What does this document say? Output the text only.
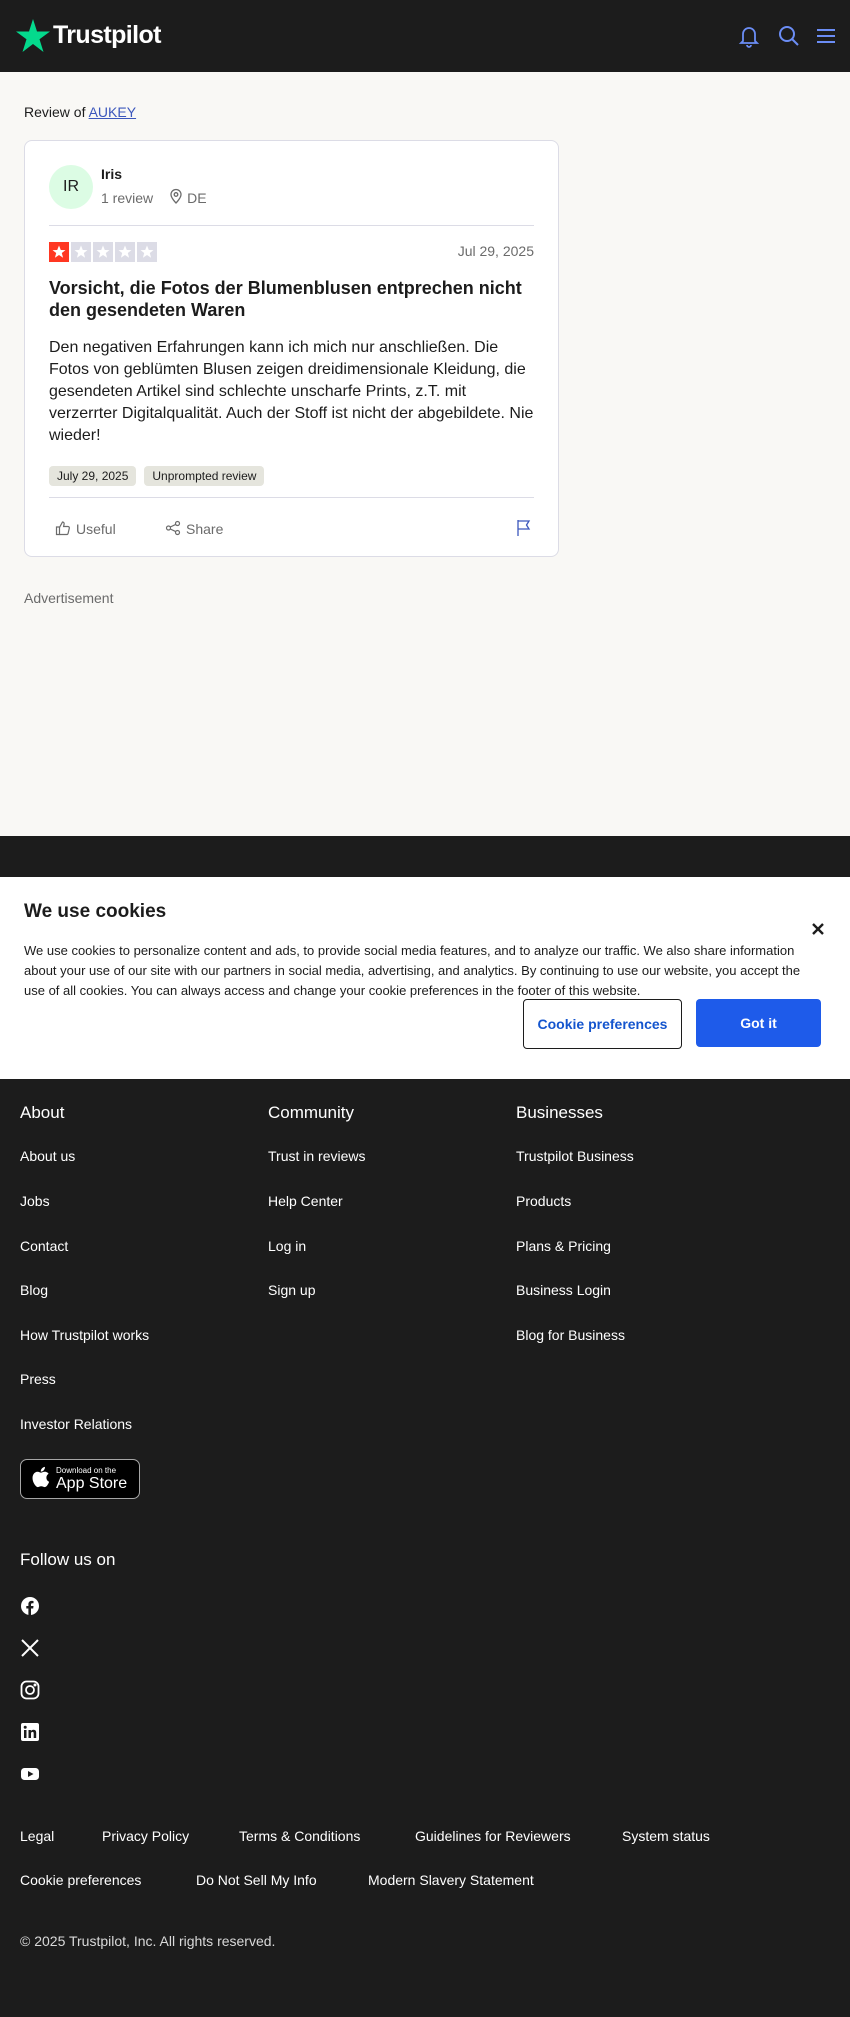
Trustpilot
Review of AUKEY
IR
Iris
1 review DE
Jul 29, 2025
Vorsicht, die Fotos der Blumenblusen entprechen nicht den gesendeten Waren
Den negativen Erfahrungen kann ich mich nur anschließen. Die Fotos von geblümten Blusen zeigen dreidimensionale Kleidung, die gesendeten Artikel sind schlechte unscharfe Prints, z.T. mit verzerrter Digitalqualität. Auch der Stoff ist nicht der abgebildete. Nie wieder!
July 29, 2025	Unprompted review
Useful	Share
Advertisement
About
About us
Jobs
Contact
Blog
How Trustpilot works
Press
Investor Relations
Community
Trust in reviews
Help Center
Log in
Sign up
Businesses
Trustpilot Business
Products
Plans & Pricing
Business Login
Blog for Business
Legal	Privacy Policy	Terms & Conditions	Guidelines for Reviewers	System status
Cookie preferences	Do Not Sell My Info	Modern Slavery Statement
Download on the
App Store
Follow us on
© 2025 Trustpilot, Inc. All rights reserved.
We use cookies
We use cookies to personalize content and ads, to provide social media features, and to analyze our traffic. We also share information about your use of our site with our partners in social media, advertising, and analytics. By continuing to use our website, you accept the use of all cookies. You can always access and change your cookie preferences in the footer of this website.
Cookie preferences	Got it
